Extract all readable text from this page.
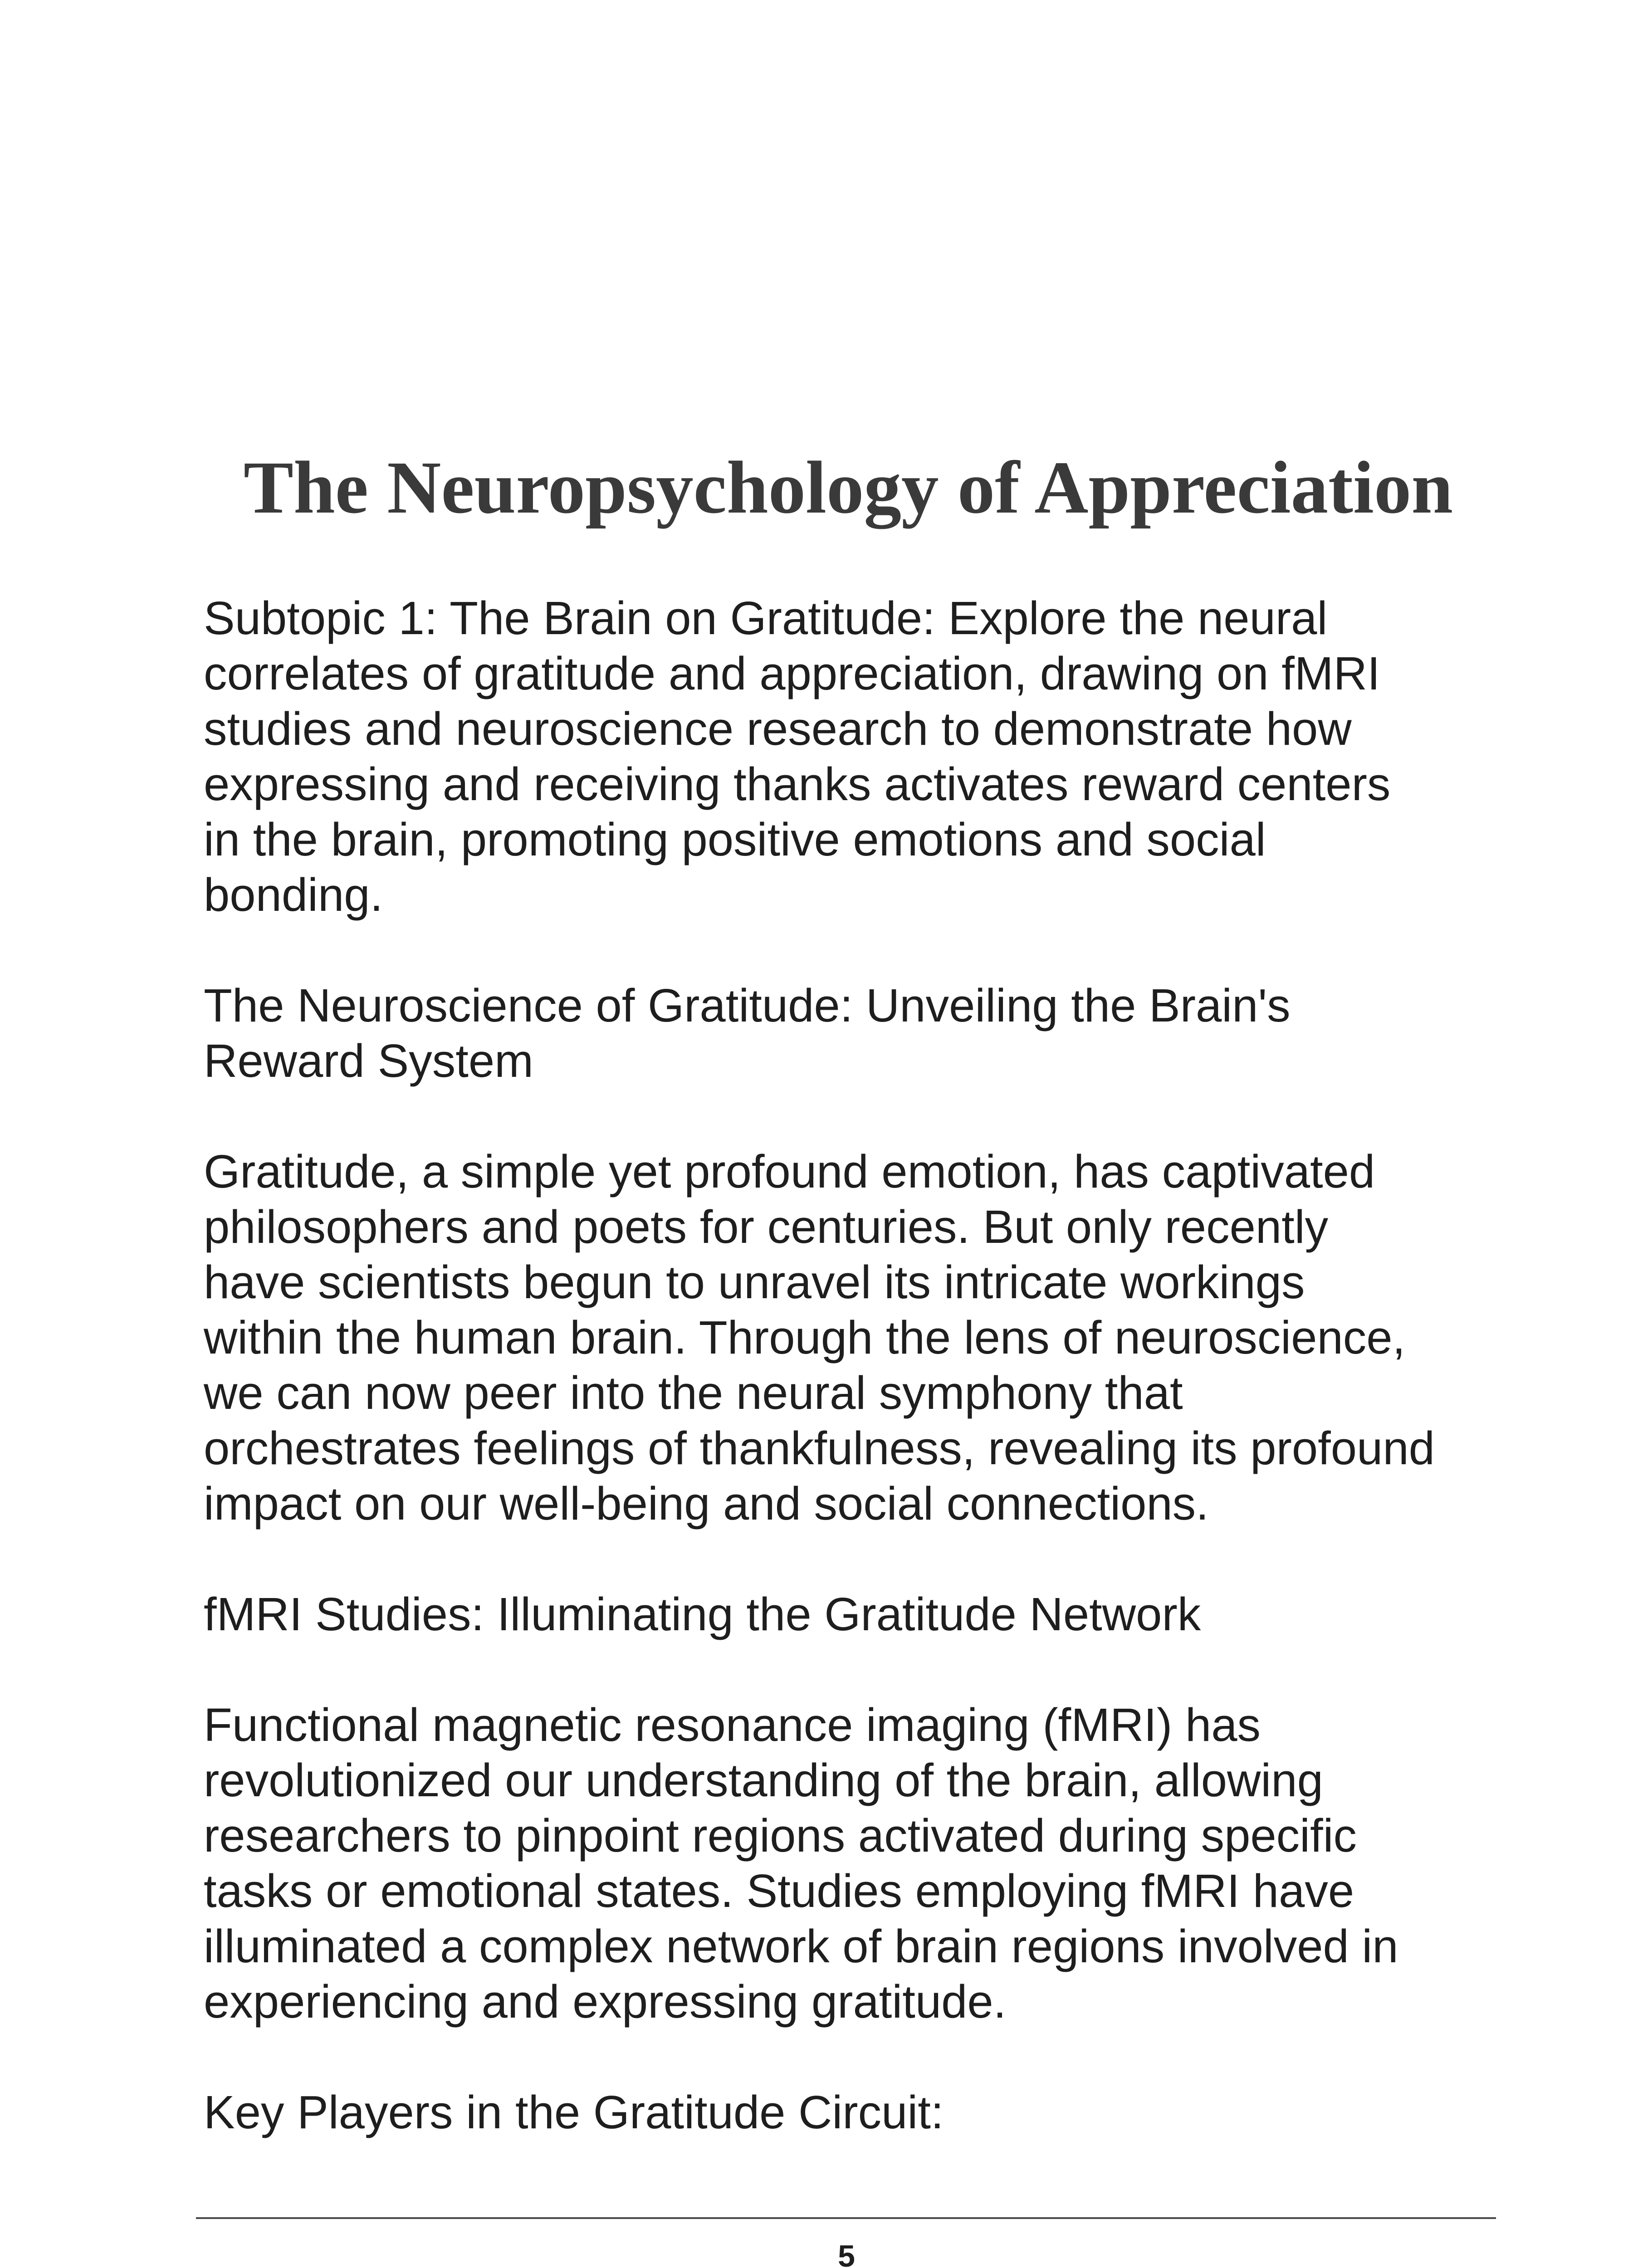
The Neuropsychology of Appreciation

Subtopic 1: The Brain on Gratitude: Explore the neural
correlates of gratitude and appreciation, drawing on fMRI
studies and neuroscience research to demonstrate how
expressing and receiving thanks activates reward centers
in the brain, promoting positive emotions and social
bonding.

The Neuroscience of Gratitude: Unveiling the Brain's
Reward System

Gratitude, a simple yet profound emotion, has captivated
philosophers and poets for centuries. But only recently
have scientists begun to unravel its intricate workings
within the human brain. Through the lens of neuroscience,
we can now peer into the neural symphony that
orchestrates feelings of thankfulness, revealing its profound
impact on our well-being and social connections.

fMRI Studies: Illuminating the Gratitude Network

Functional magnetic resonance imaging (fMRI) has
revolutionized our understanding of the brain, allowing
researchers to pinpoint regions activated during specific
tasks or emotional states. Studies employing fMRI have
illuminated a complex network of brain regions involved in
experiencing and expressing gratitude.

Key Players in the Gratitude Circuit:

5
